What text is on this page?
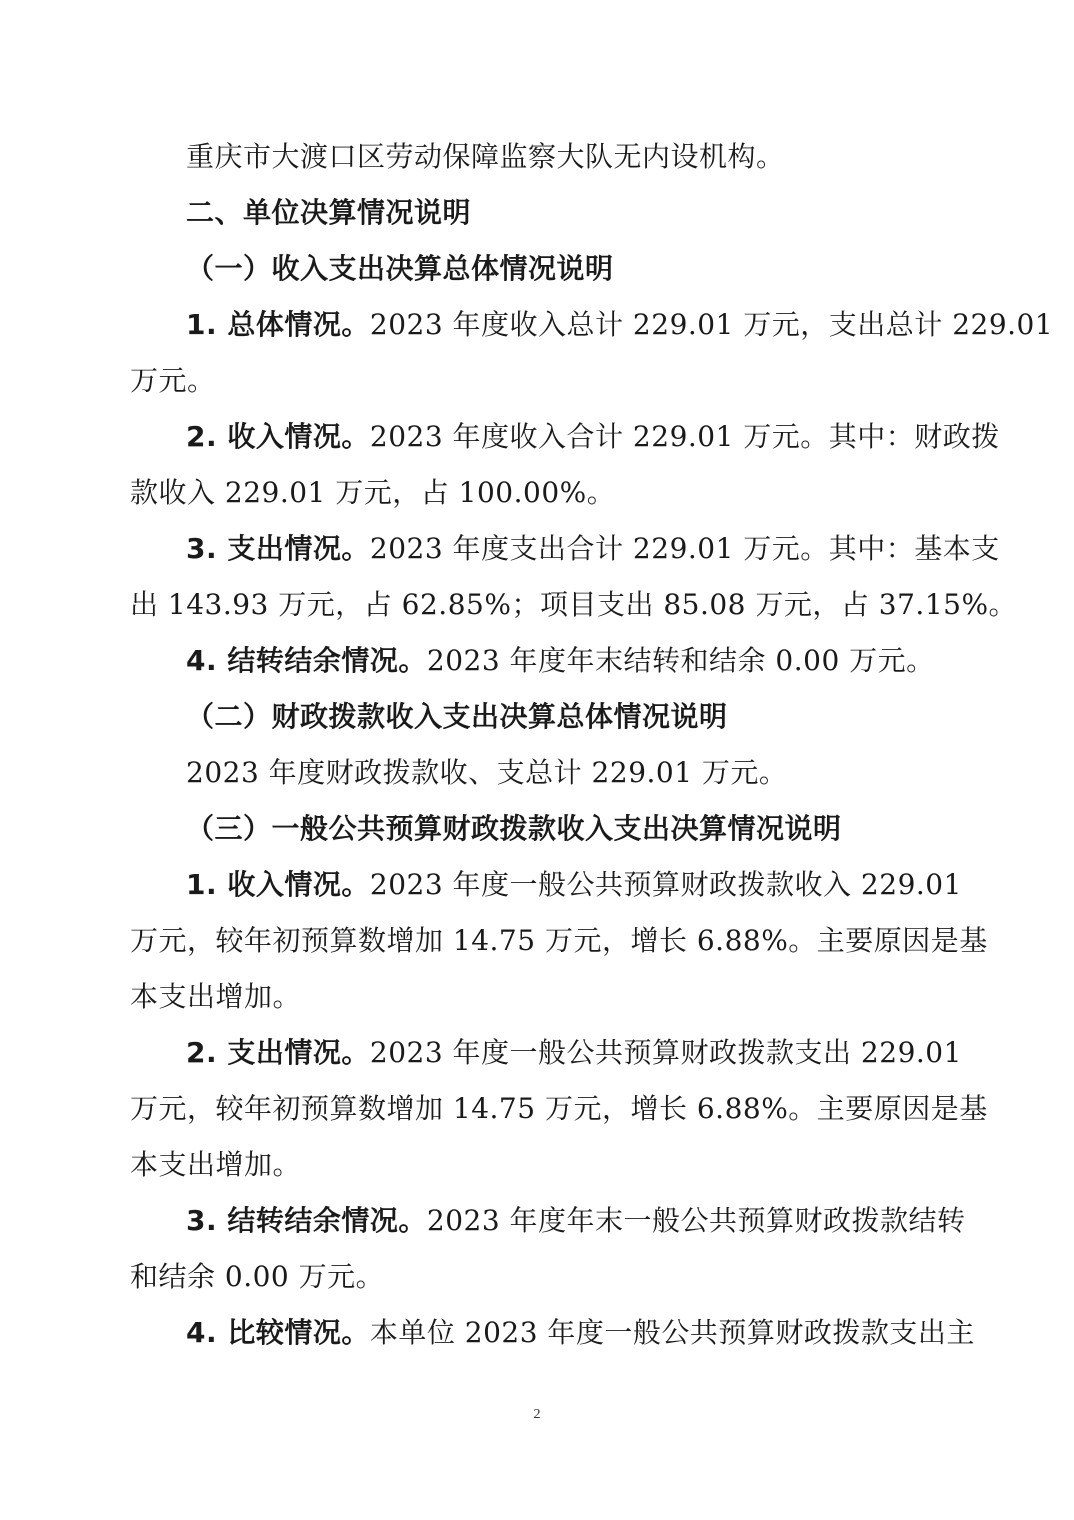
重庆市大渡口区劳动保障监察大队无内设机构。
二、单位决算情况说明
（一）收入支出决算总体情况说明
1. 总体情况。2023 年度收入总计 229.01 万元，支出总计 229.01
万元。
2. 收入情况。2023 年度收入合计 229.01 万元。其中：财政拨
款收入 229.01 万元，占 100.00%。
3. 支出情况。2023 年度支出合计 229.01 万元。其中：基本支
出 143.93 万元，占 62.85%；项目支出 85.08 万元，占 37.15%。
4. 结转结余情况。2023 年度年末结转和结余 0.00 万元。
（二）财政拨款收入支出决算总体情况说明
2023 年度财政拨款收、支总计 229.01 万元。
（三）一般公共预算财政拨款收入支出决算情况说明
1. 收入情况。2023 年度一般公共预算财政拨款收入 229.01
万元，较年初预算数增加 14.75 万元，增长 6.88%。主要原因是基
本支出增加。
2. 支出情况。2023 年度一般公共预算财政拨款支出 229.01
万元，较年初预算数增加 14.75 万元，增长 6.88%。主要原因是基
本支出增加。
3. 结转结余情况。2023 年度年末一般公共预算财政拨款结转
和结余 0.00 万元。
4. 比较情况。本单位 2023 年度一般公共预算财政拨款支出主
2
